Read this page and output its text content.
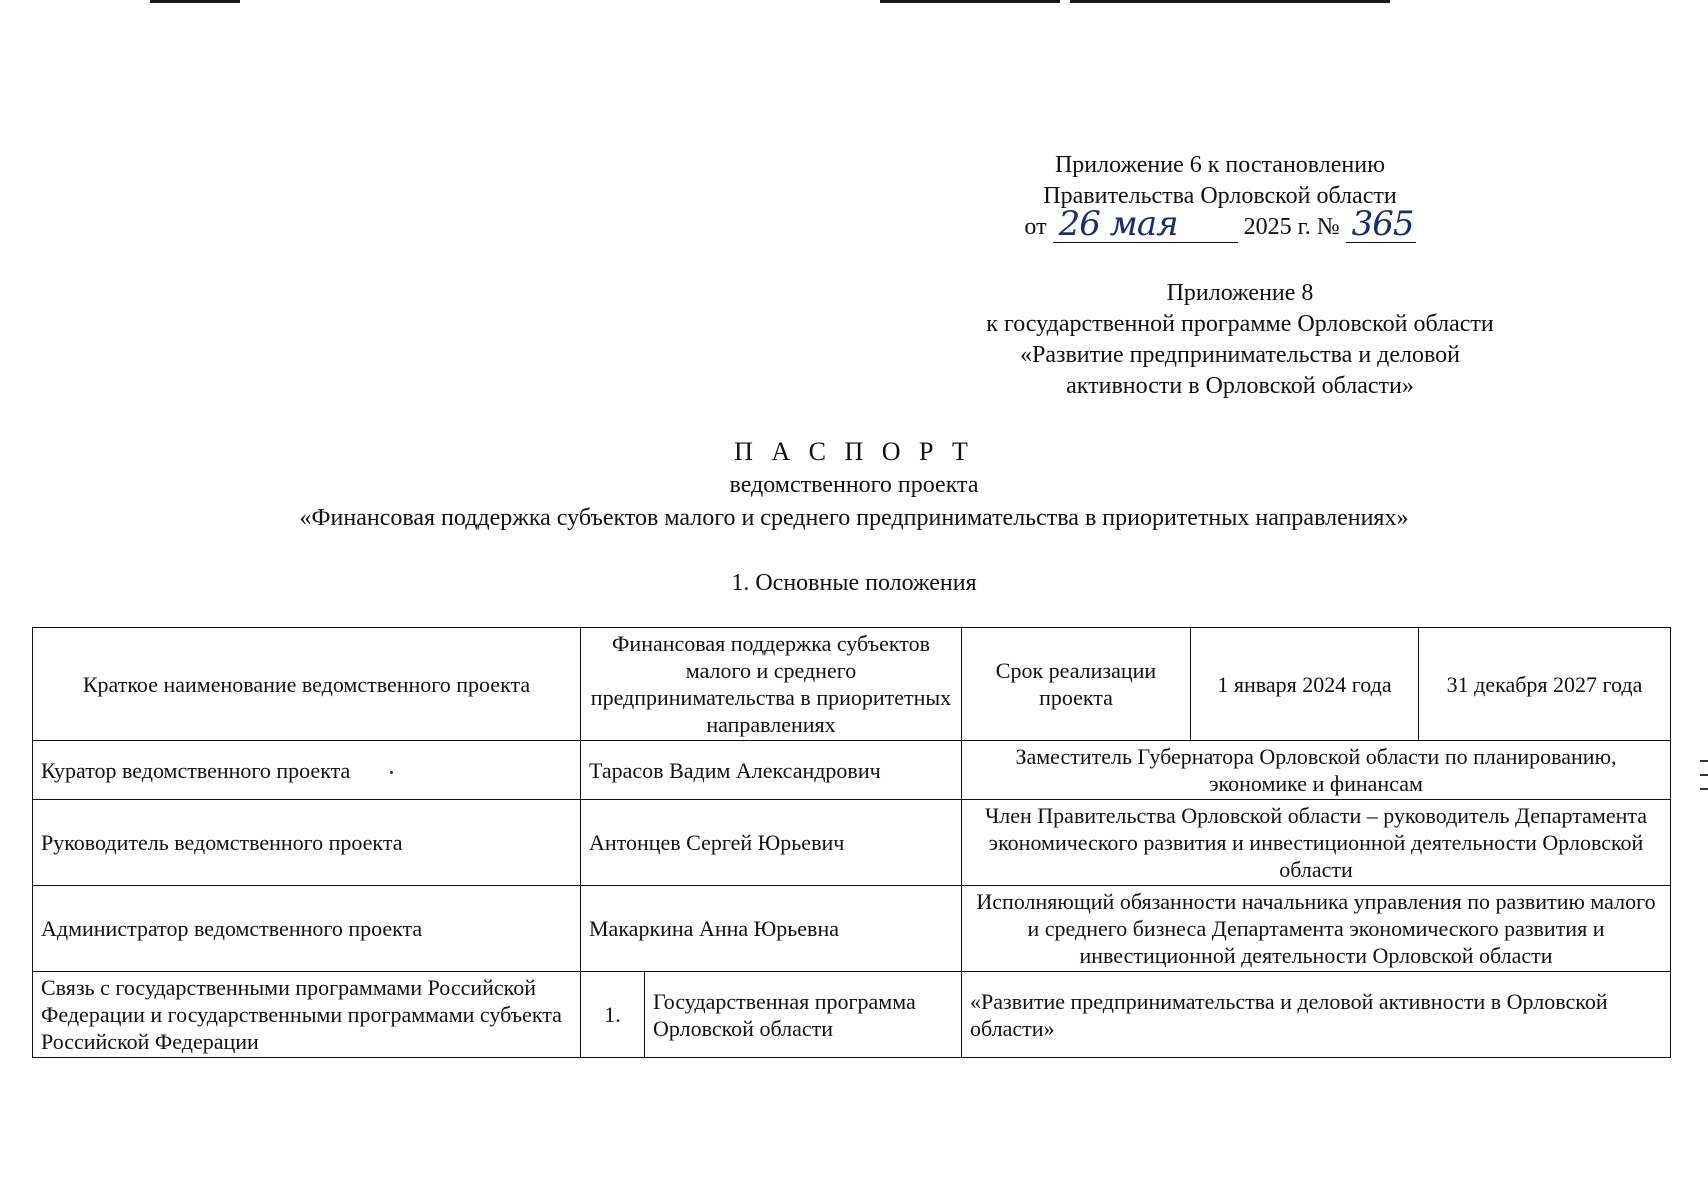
Приложение 6 к постановлению
Правительства Орловской области
от 26 мая	2025 г. № 365
Приложение 8
к государственной программе Орловской области
«Развитие предпринимательства и деловой
активности в Орловской области»
П А С П О Р Т
ведомственного проекта
«Финансовая поддержка субъектов малого и среднего предпринимательства в приоритетных направлениях»
1. Основные положения
Краткое наименование ведомственного проекта	Финансовая поддержка субъектов малого и среднего предпринимательства в приоритетных направлениях		Срок реализации проекта	1 января 2024 года	31 декабря 2027 года
Куратор ведомственного проекта	Тарасов Вадим Александрович		Заместитель Губернатора Орловской области по планированию, экономике и финансам		
Руководитель ведомственного проекта	Антонцев Сергей Юрьевич		Член Правительства Орловской области – руководитель Департамента экономического развития и инвестиционной деятельности Орловской области		
Администратор ведомственного проекта	Макаркина Анна Юрьевна		Исполняющий обязанности начальника управления по развитию малого и среднего бизнеса Департамента экономического развития и инвестиционной деятельности Орловской области		
Связь с государственными программами Российской Федерации и государственными программами субъекта Российской Федерации	1.	Государственная программа Орловской области	«Развитие предпринимательства и деловой активности в Орловской области»		
